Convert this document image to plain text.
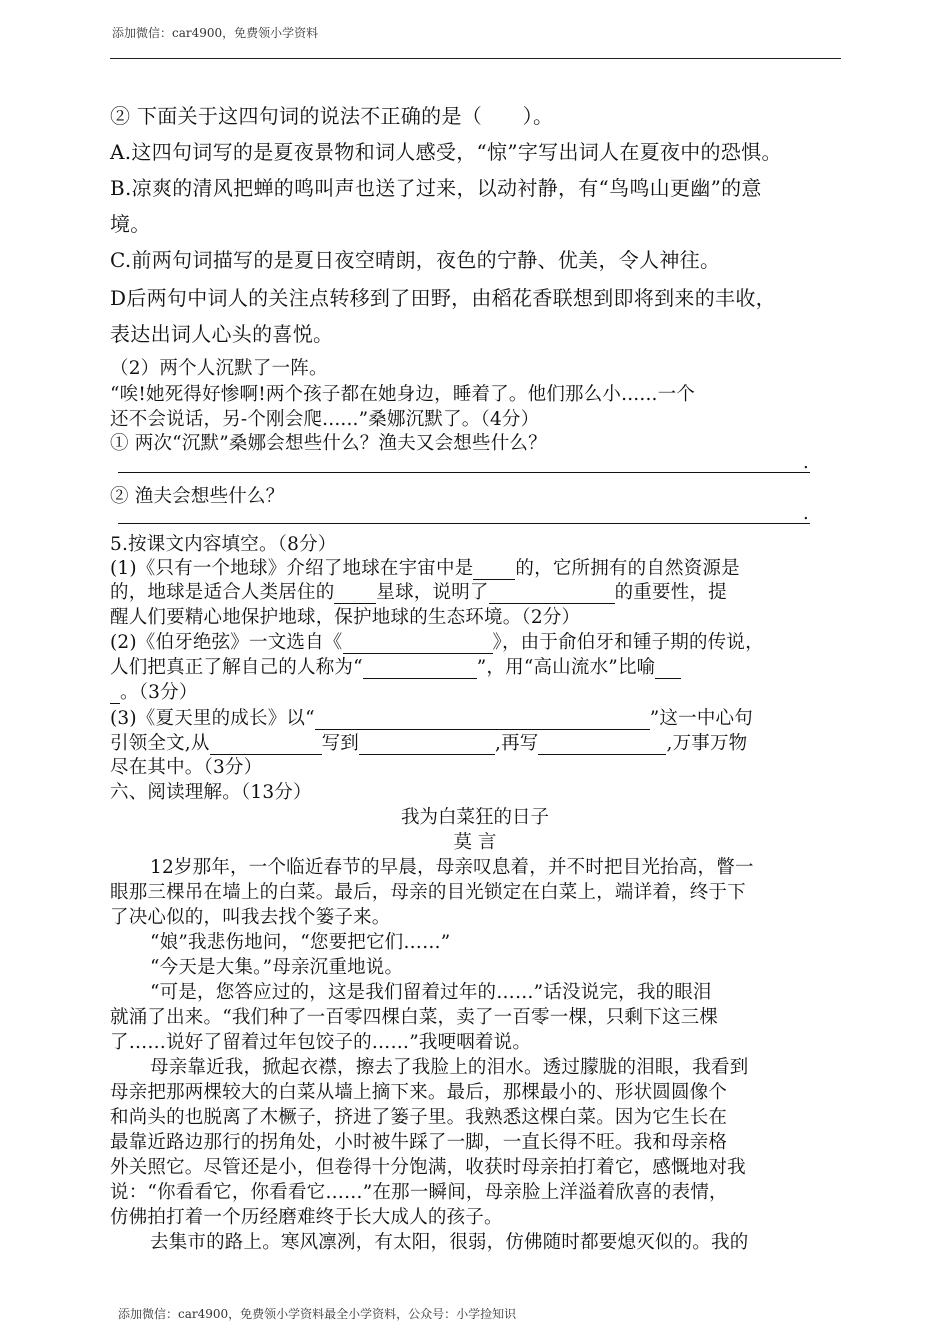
添加微信：car4900，免费领小学资料
② 下面关于这四句词的说法不正确的是（　　）。
A.这四句词写的是夏夜景物和词人感受，“惊”字写出词人在夏夜中的恐惧。
B.凉爽的清风把蝉的鸣叫声也送了过来，以动衬静，有“鸟鸣山更幽”的意
境。
C.前两句词描写的是夏日夜空晴朗，夜色的宁静、优美，令人神往。
D后两句中词人的关注点转移到了田野，由稻花香联想到即将到来的丰收，
表达出词人心头的喜悦。
（2）两个人沉默了一阵。
“唉!她死得好惨啊!两个孩子都在她身边，睡着了。他们那么小......一个
还不会说话，另-个刚会爬......”桑娜沉默了。（4分）
① 两次“沉默”桑娜会想些什么？渔夫又会想些什么？
.
② 渔夫会想些什么？
.
5.按课文内容填空。（8分）
(1)《只有一个地球》介绍了地球在宇宙中是 的，它所拥有的自然资源是
的，地球是适合人类居住的 星球，说明了	的重要性，提
醒人们要精心地保护地球，保护地球的生态环境。（2分）
(2)《伯牙绝弦》一文选自《	》，由于俞伯牙和锺子期的传说，
人们把真正了解自己的人称为“	”，用“高山流水”比喻
。（3分）
(3)《夏天里的成长》以“	”这一中心句
引领全文,从	写到	,再写	,万事万物
尽在其中。（3分）
六、阅读理解。（13分）
我为白菜狂的日子
莫 言
12岁那年，一个临近春节的早晨，母亲叹息着，并不时把目光抬高，瞥一
眼那三棵吊在墙上的白菜。最后，母亲的目光锁定在白菜上，端详着，终于下
了决心似的，叫我去找个篓子来。
“娘”我悲伤地问，“您要把它们……”
“今天是大集。”母亲沉重地说。
“可是，您答应过的，这是我们留着过年的……”话没说完，我的眼泪
就涌了出来。“我们种了一百零四棵白菜，卖了一百零一棵，只剩下这三棵
了……说好了留着过年包饺子的……”我哽咽着说。
母亲靠近我，掀起衣襟，擦去了我脸上的泪水。透过朦胧的泪眼，我看到
母亲把那两棵较大的白菜从墙上摘下来。最后，那棵最小的、形状圆圆像个
和尚头的也脱离了木橛子，挤进了篓子里。我熟悉这棵白菜。因为它生长在
最靠近路边那行的拐角处，小时被牛踩了一脚，一直长得不旺。我和母亲格
外关照它。尽管还是小，但卷得十分饱满，收获时母亲拍打着它，感慨地对我
说：“你看看它，你看看它……”在那一瞬间，母亲脸上洋溢着欣喜的表情，
仿佛拍打着一个历经磨难终于长大成人的孩子。
去集市的路上。寒风凛冽，有太阳，很弱，仿佛随时都要熄灭似的。我的
添加微信：car4900，免费领小学资料最全小学资料，公众号：小学捡知识
